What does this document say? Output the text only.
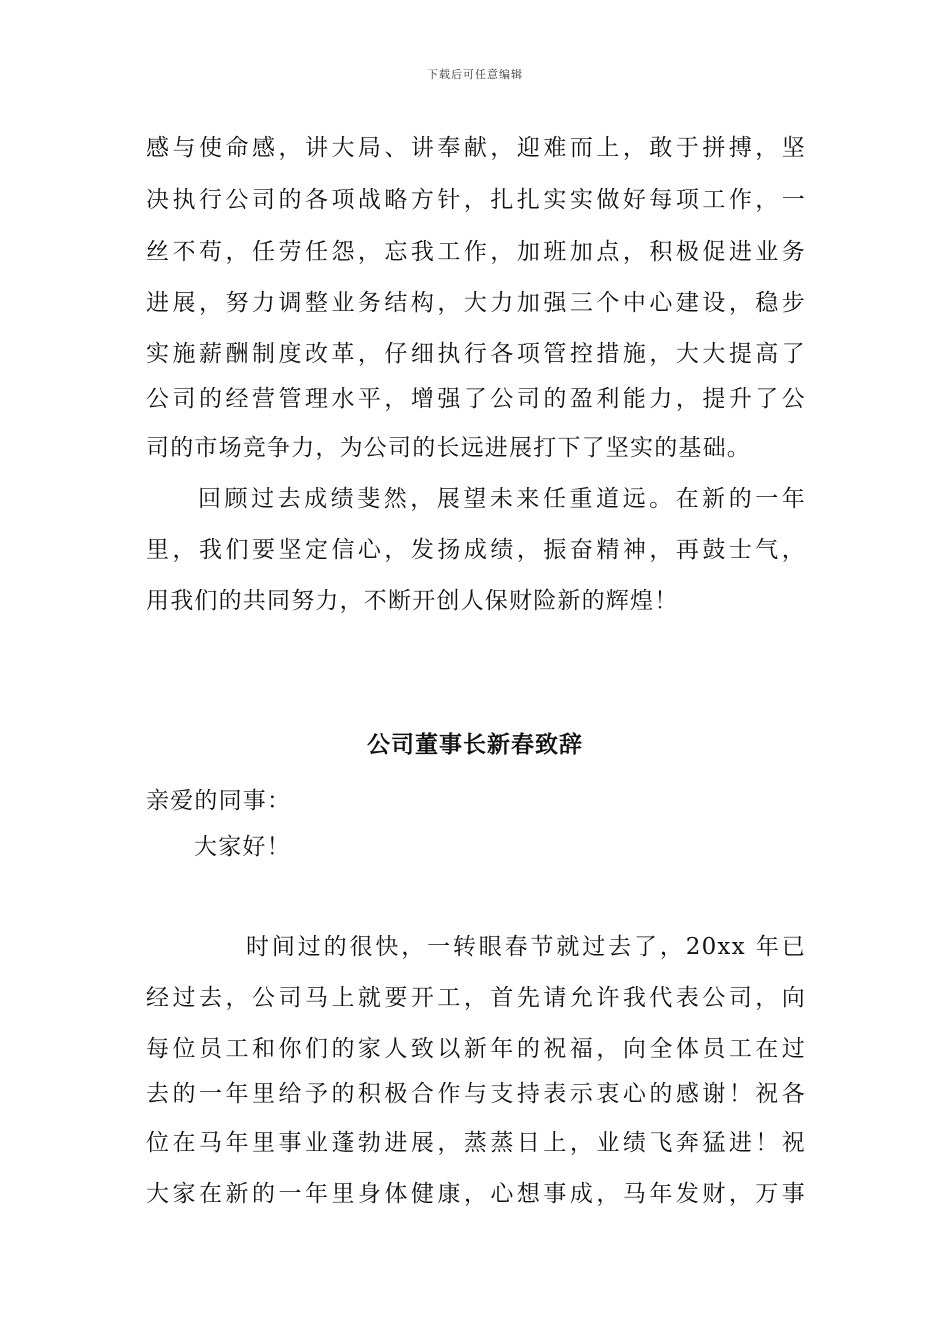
下载后可任意编辑
感与使命感，讲大局、讲奉献，迎难而上，敢于拼搏，坚
决执行公司的各项战略方针，扎扎实实做好每项工作，一
丝不苟，任劳任怨，忘我工作，加班加点，积极促进业务
进展，努力调整业务结构，大力加强三个中心建设，稳步
实施薪酬制度改革，仔细执行各项管控措施，大大提高了
公司的经营管理水平，增强了公司的盈利能力，提升了公
司的市场竞争力，为公司的长远进展打下了坚实的基础。
回顾过去成绩斐然，展望未来任重道远。在新的一年
里，我们要坚定信心，发扬成绩，振奋精神，再鼓士气，
用我们的共同努力，不断开创人保财险新的辉煌！
公司董事长新春致辞
亲爱的同事：
大家好！
时间过的很快，一转眼春节就过去了，20xx 年已
经过去，公司马上就要开工，首先请允许我代表公司，向
每位员工和你们的家人致以新年的祝福，向全体员工在过
去的一年里给予的积极合作与支持表示衷心的感谢！祝各
位在马年里事业蓬勃进展，蒸蒸日上，业绩飞奔猛进！祝
大家在新的一年里身体健康，心想事成，马年发财，万事
